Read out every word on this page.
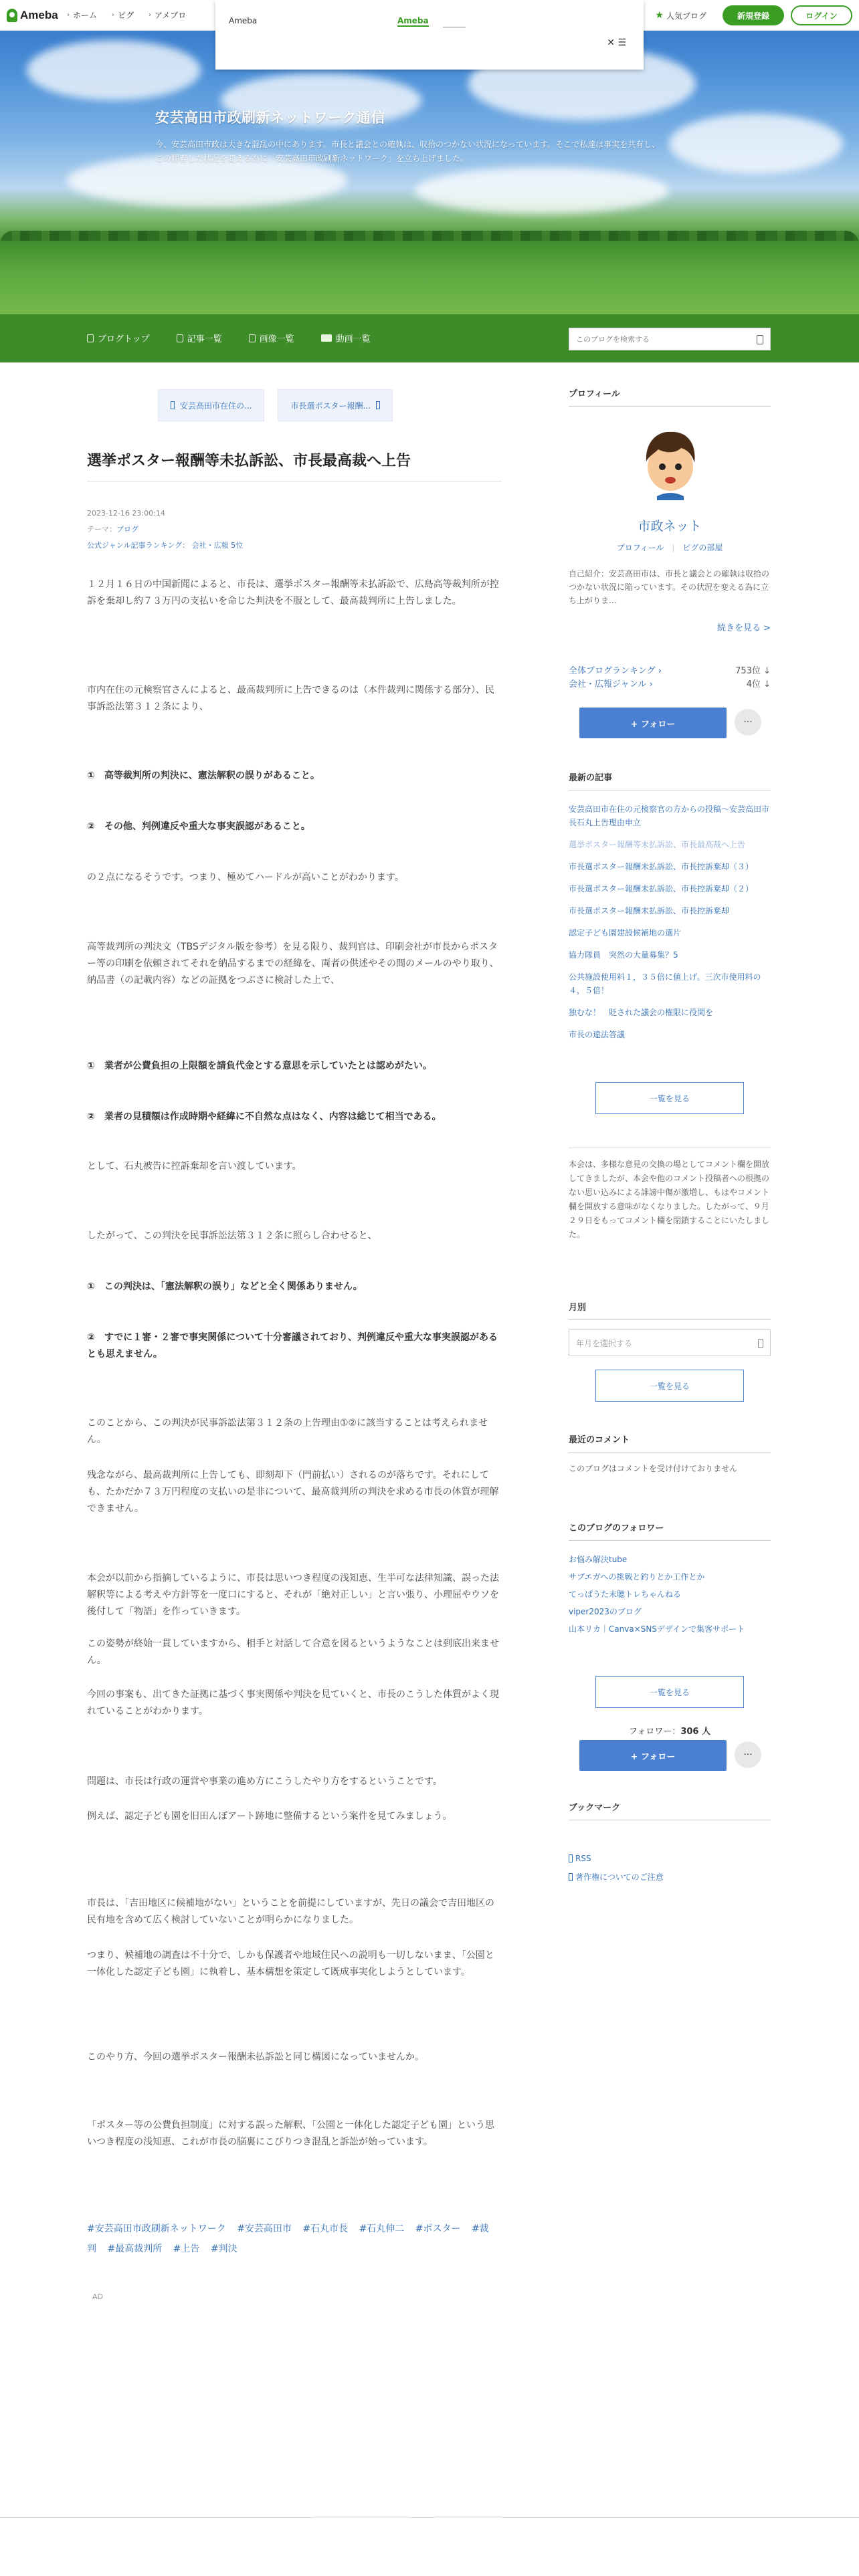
Ameba › ホーム › ピグ › アメブロ	★ 人気ブログ	新規登録	ログイン
Ameba	Ameba
✕ ☰
安芸高田市政刷新ネットワーク通信
今、安芸高田市政は大きな混乱の中にあります。市長と議会との確執は、収拾のつかない状況になっています。そこで私達は事実を共有し、この膠着した状況を変える為に「安芸高田市政刷新ネットワーク」を立ち上げました。
ブログトップ	記事一覧	画像一覧	動画一覧
このブログを検索する
安芸高田市在住の...	市長選ポスター報酬...
選挙ポスター報酬等未払訴訟、市長最高裁へ上告
2023-12-16 23:00:14
テーマ：ブログ
公式ジャンル記事ランキング： 会社・広報 5位

１２月１６日の中国新聞によると、市長は、選挙ポスター報酬等未払訴訟で、広島高等裁判所が控訴を棄却し約７３万円の支払いを命じた判決を不服として、最高裁判所に上告しました。

市内在住の元検察官さんによると、最高裁判所に上告できるのは（本件裁判に関係する部分）、民事訴訟法第３１２条により、

①　高等裁判所の判決に、憲法解釈の誤りがあること。

②　その他、判例違反や重大な事実誤認があること。

の２点になるそうです。つまり、極めてハードルが高いことがわかります。

高等裁判所の判決文（TBSデジタル版を参考）を見る限り、裁判官は、印刷会社が市長からポスター等の印刷を依頼されてそれを納品するまでの経緯を、両者の供述やその間のメールのやり取り、納品書（の記載内容）などの証拠をつぶさに検討した上で、

①　業者が公費負担の上限額を請負代金とする意思を示していたとは認めがたい。

②　業者の見積額は作成時期や経緯に不自然な点はなく、内容は総じて相当である。

として、石丸被告に控訴棄却を言い渡しています。

したがって、この判決を民事訴訟法第３１２条に照らし合わせると、

①　この判決は、「憲法解釈の誤り」などと全く関係ありません。

②　すでに１審・２審で事実関係について十分審議されており、判例違反や重大な事実誤認があるとも思えません。

このことから、この判決が民事訴訟法第３１２条の上告理由①②に該当することは考えられません。

残念ながら、最高裁判所に上告しても、即刻却下（門前払い）されるのが落ちです。それにしても、たかだか７３万円程度の支払いの是非について、最高裁判所の判決を求める市長の体質が理解できません。

本会が以前から指摘しているように、市長は思いつき程度の浅知恵、生半可な法律知識、誤った法解釈等による考えや方針等を一度口にすると、それが「絶対正しい」と言い張り、小理屈やウソを後付して「物語」を作っていきます。

この姿勢が終始一貫していますから、相手と対話して合意を図るというようなことは到底出来ません。

今回の事案も、出てきた証拠に基づく事実関係や判決を見ていくと、市長のこうした体質がよく現れていることがわかります。

問題は、市長は行政の運営や事業の進め方にこうしたやり方をするということです。

例えば、認定子ども園を旧田んぼアート跡地に整備するという案件を見てみましょう。

市長は、「吉田地区に候補地がない」ということを前提にしていますが、先日の議会で吉田地区の民有地を含めて広く検討していないことが明らかになりました。

つまり、候補地の調査は不十分で、しかも保護者や地域住民への説明も一切しないまま、「公園と一体化した認定子ども園」に執着し、基本構想を策定して既成事実化しようとしています。

このやり方、今回の選挙ポスター報酬未払訴訟と同じ構図になっていませんか。

「ポスター等の公費負担制度」に対する誤った解釈、「公園と一体化した認定子ども園」という思いつき程度の浅知恵、これが市長の脳裏にこびりつき混乱と訴訟が始っています。

#安芸高田市政刷新ネットワーク #安芸高田市 #石丸市長 #石丸伸二 #ポスター #裁判 #最高裁判所 #上告 #判決
AD
プロフィール
市政ネット
プロフィール | ピグの部屋
自己紹介：安芸高田市は、市長と議会との確執は収拾のつかない状況に陥っています。その状況を変える為に立ち上がりま...
続きを見る >
全体ブログランキング ›	753位 ↓
会社・広報ジャンル ›	4位 ↓
+ フォロー	···
最新の記事
安芸高田市在住の元検察官の方からの投稿～安芸高田市長石丸上告理由申立
選挙ポスター報酬等未払訴訟、市長最高裁へ上告
市長選ポスター報酬未払訴訟、市長控訴棄却（３）
市長選ポスター報酬未払訴訟、市長控訴棄却（２）
市長選ポスター報酬未払訴訟、市長控訴棄却
認定子ども園建設候補地の選片
協力隊員　突然の大量募集？5
公共施設使用料１，３５倍に値上げ。三次市使用料の４，５倍！
独むな！　貶された議会の権限に役関を
市長の違法答議
一覧を見る
本会は、多様な意見の交換の場としてコメント欄を開放してきましたが、本会や他のコメント投稿者への根拠のない思い込みによる誹謗中傷が激増し、もはやコメント欄を開放する意味がなくなりました。したがって、９月２９日をもってコメント欄を閉鎖することにいたしました。
月別
年月を選択する
一覧を見る
最近のコメント
このブログはコメントを受け付けておりません
このブログのフォロワー
お悩み解決tube
サブエガへの挑戦と釣りとか工作とか
てっぱうた末聴トレちゃんねる
viper2023のブログ
山本リカ｜Canva×SNSデザインで集客サポート
一覧を見る
フォロワー：306 人
+ フォロー	···
ブックマーク
RSS
著作権についてのご注意
